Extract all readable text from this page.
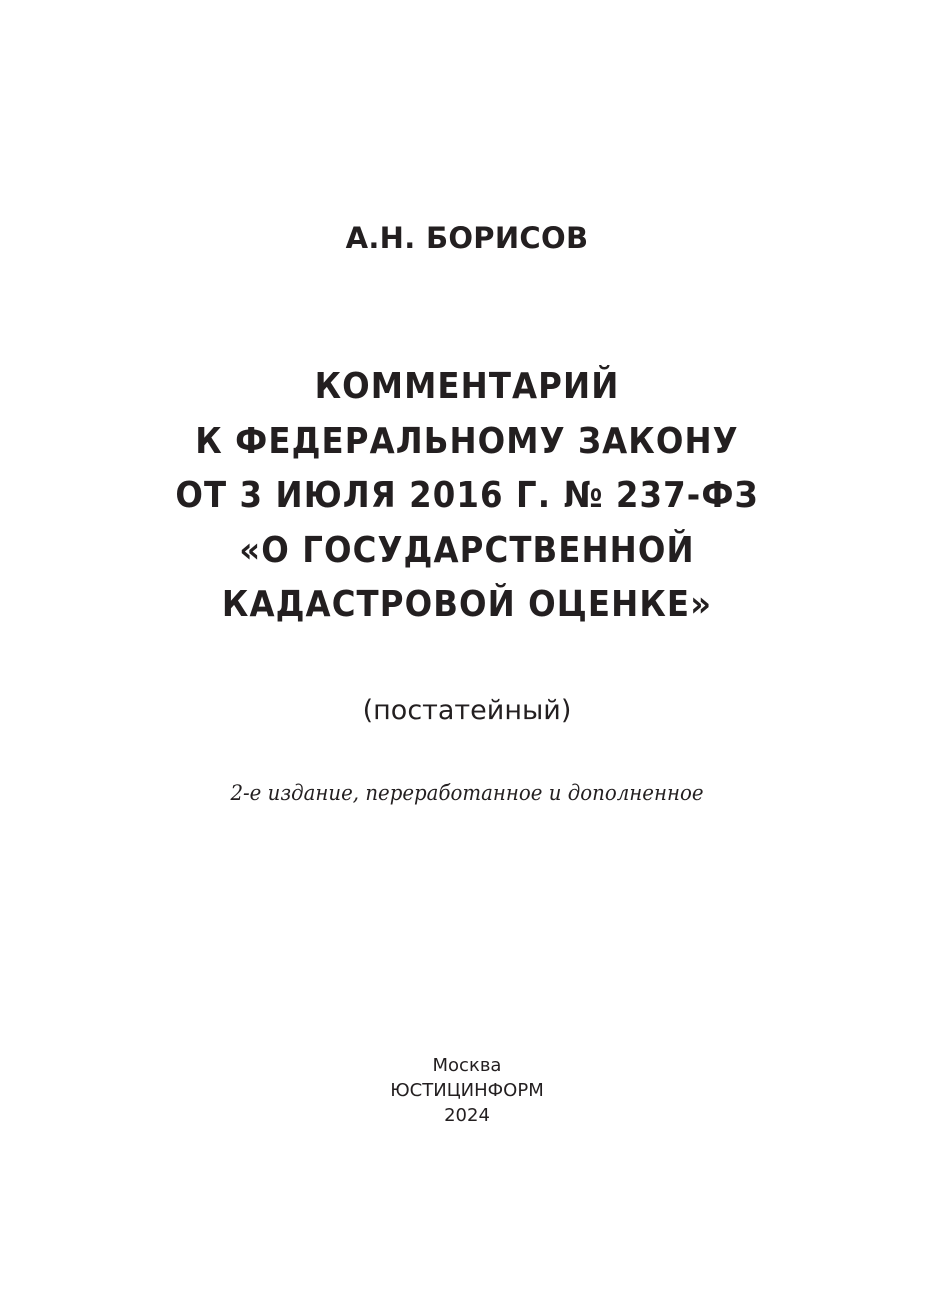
А.Н. БОРИСОВ
КОММЕНТАРИЙ
К ФЕДЕРАЛЬНОМУ ЗАКОНУ
ОТ 3 ИЮЛЯ 2016 Г. № 237-ФЗ
«О ГОСУДАРСТВЕННОЙ
КАДАСТРОВОЙ ОЦЕНКЕ»
(постатейный)
2-е издание, переработанное и дополненное
Москва
ЮСТИЦИНФОРМ
2024
